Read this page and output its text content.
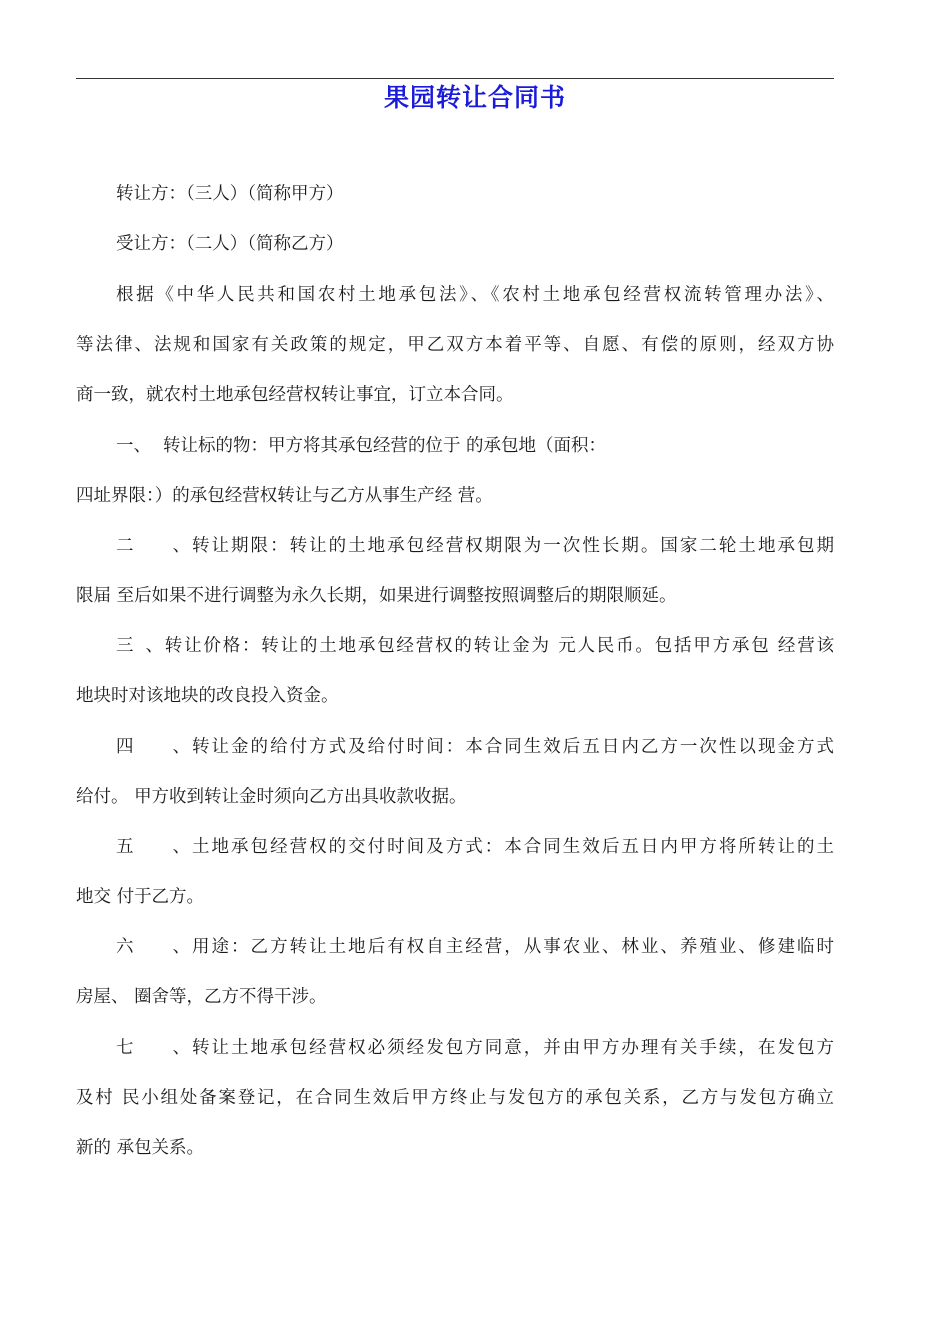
果园转让合同书
转让方：（三人）（简称甲方）
受让方：（二人）（简称乙方）
根据《中华人民共和国农村土地承包法》、《农村土地承包经营权流转管理办法》、
等法律、法规和国家有关政策的规定，甲乙双方本着平等、自愿、有偿的原则，经双方协
商一致，就农村土地承包经营权转让事宜，订立本合同。
一、 转让标的物：甲方将其承包经营的位于 的承包地（面积：
四址界限：）的承包经营权转让与乙方从事生产经 营。
二、转让期限：转让的土地承包经营权期限为一次性长期。国家二轮土地承包期
限届 至后如果不进行调整为永久长期，如果进行调整按照调整后的期限顺延。
三、转让价格：转让的土地承包经营权的转让金为 元人民币。包括甲方承包 经营该
地块时对该地块的改良投入资金。
四、转让金的给付方式及给付时间：本合同生效后五日内乙方一次性以现金方式
给付。 甲方收到转让金时须向乙方出具收款收据。
五、土地承包经营权的交付时间及方式：本合同生效后五日内甲方将所转让的土
地交 付于乙方。
六、用途：乙方转让土地后有权自主经营，从事农业、林业、养殖业、修建临时
房屋、 圈舍等，乙方不得干涉。
七、转让土地承包经营权必须经发包方同意，并由甲方办理有关手续，在发包方
及村 民小组处备案登记，在合同生效后甲方终止与发包方的承包关系，乙方与发包方确立
新的 承包关系。
